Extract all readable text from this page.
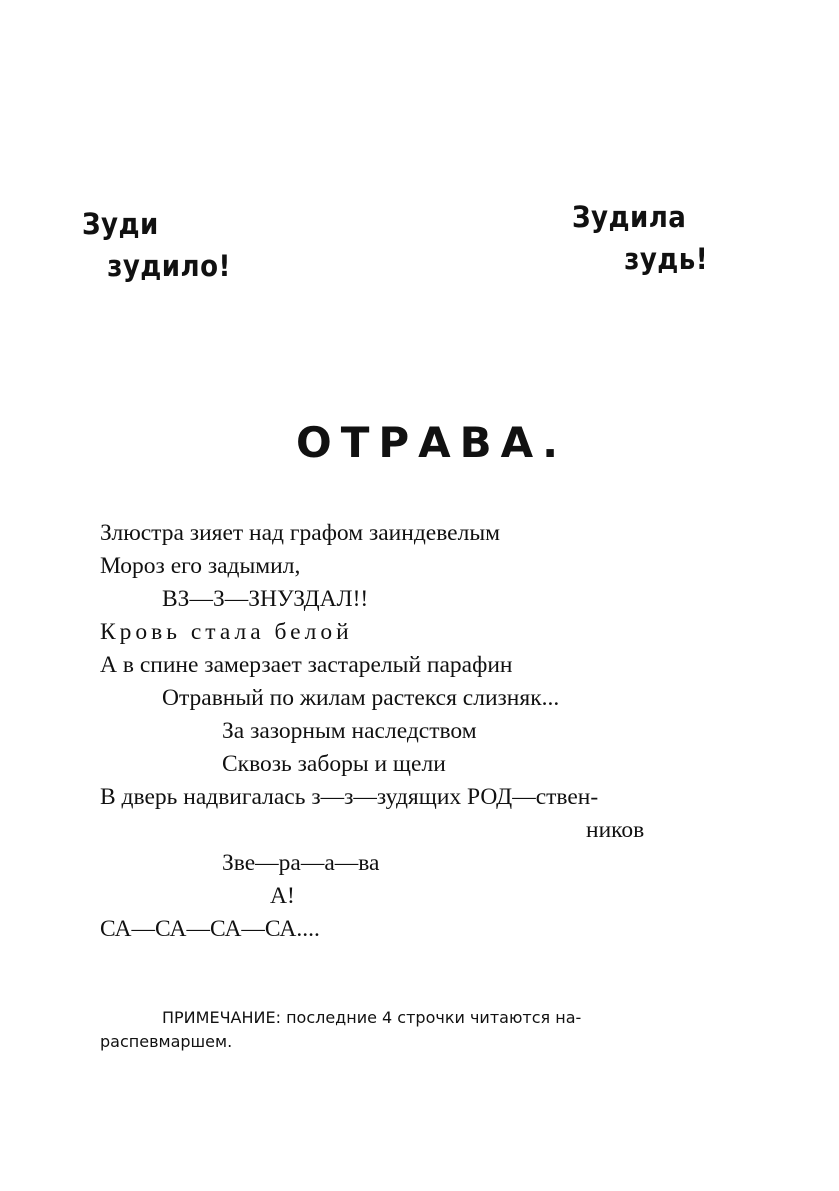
Зуди
зудило!
Зудила
зудь!
ОТРАВА.
Злюстра зияет над графом заиндевелым
Мороз его задымил,
ВЗ—З—ЗНУЗДАЛ!!
Кровь стала белой
А в спине замерзает застарелый парафин
Отравный по жилам растекся слизняк...
За зазорным наследством
Сквозь заборы и щели
В дверь надвигалась з—з—зудящих РОД—ствен-
ников
Зве—ра—а—ва
А!
СА—СА—СА—СА....
ПРИМЕЧАНИЕ: последние 4 строчки читаются на-
распевмаршем.
